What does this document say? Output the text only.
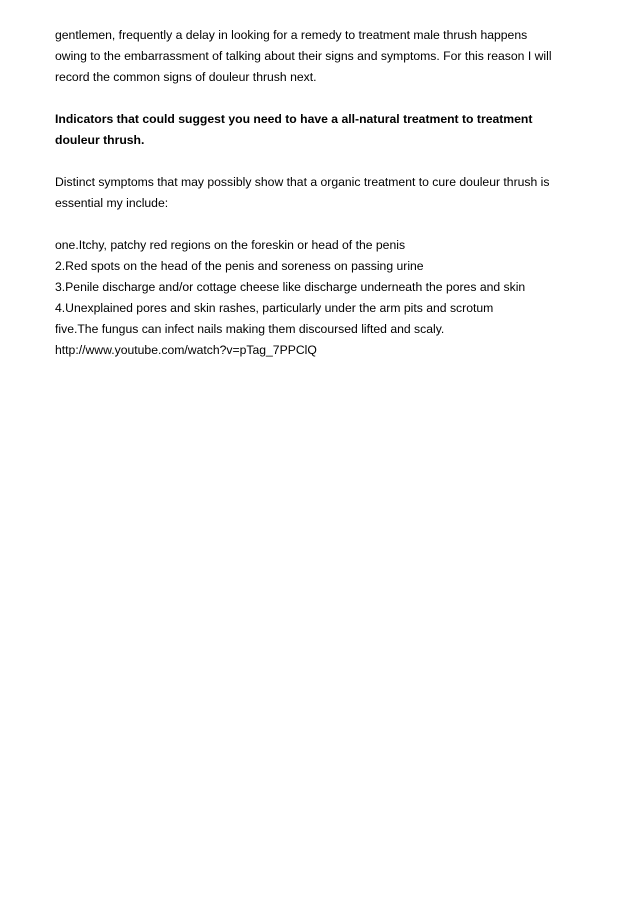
gentlemen, frequently a delay in looking for a remedy to treatment male thrush happens

owing to the embarrassment of talking about their signs and symptoms. For this reason I will

record the common signs of douleur thrush next.

Indicators that could suggest you need to have a all-natural treatment to treatment

douleur thrush.

Distinct symptoms that may possibly show that a organic treatment to cure douleur thrush is

essential my include:

one.Itchy, patchy red regions on the foreskin or head of the penis

2.Red spots on the head of the penis and soreness on passing urine

3.Penile discharge and/or cottage cheese like discharge underneath the pores and skin

4.Unexplained pores and skin rashes, particularly under the arm pits and scrotum

five.The fungus can infect nails making them discoursed lifted and scaly.

http://www.youtube.com/watch?v=pTag_7PPClQ
